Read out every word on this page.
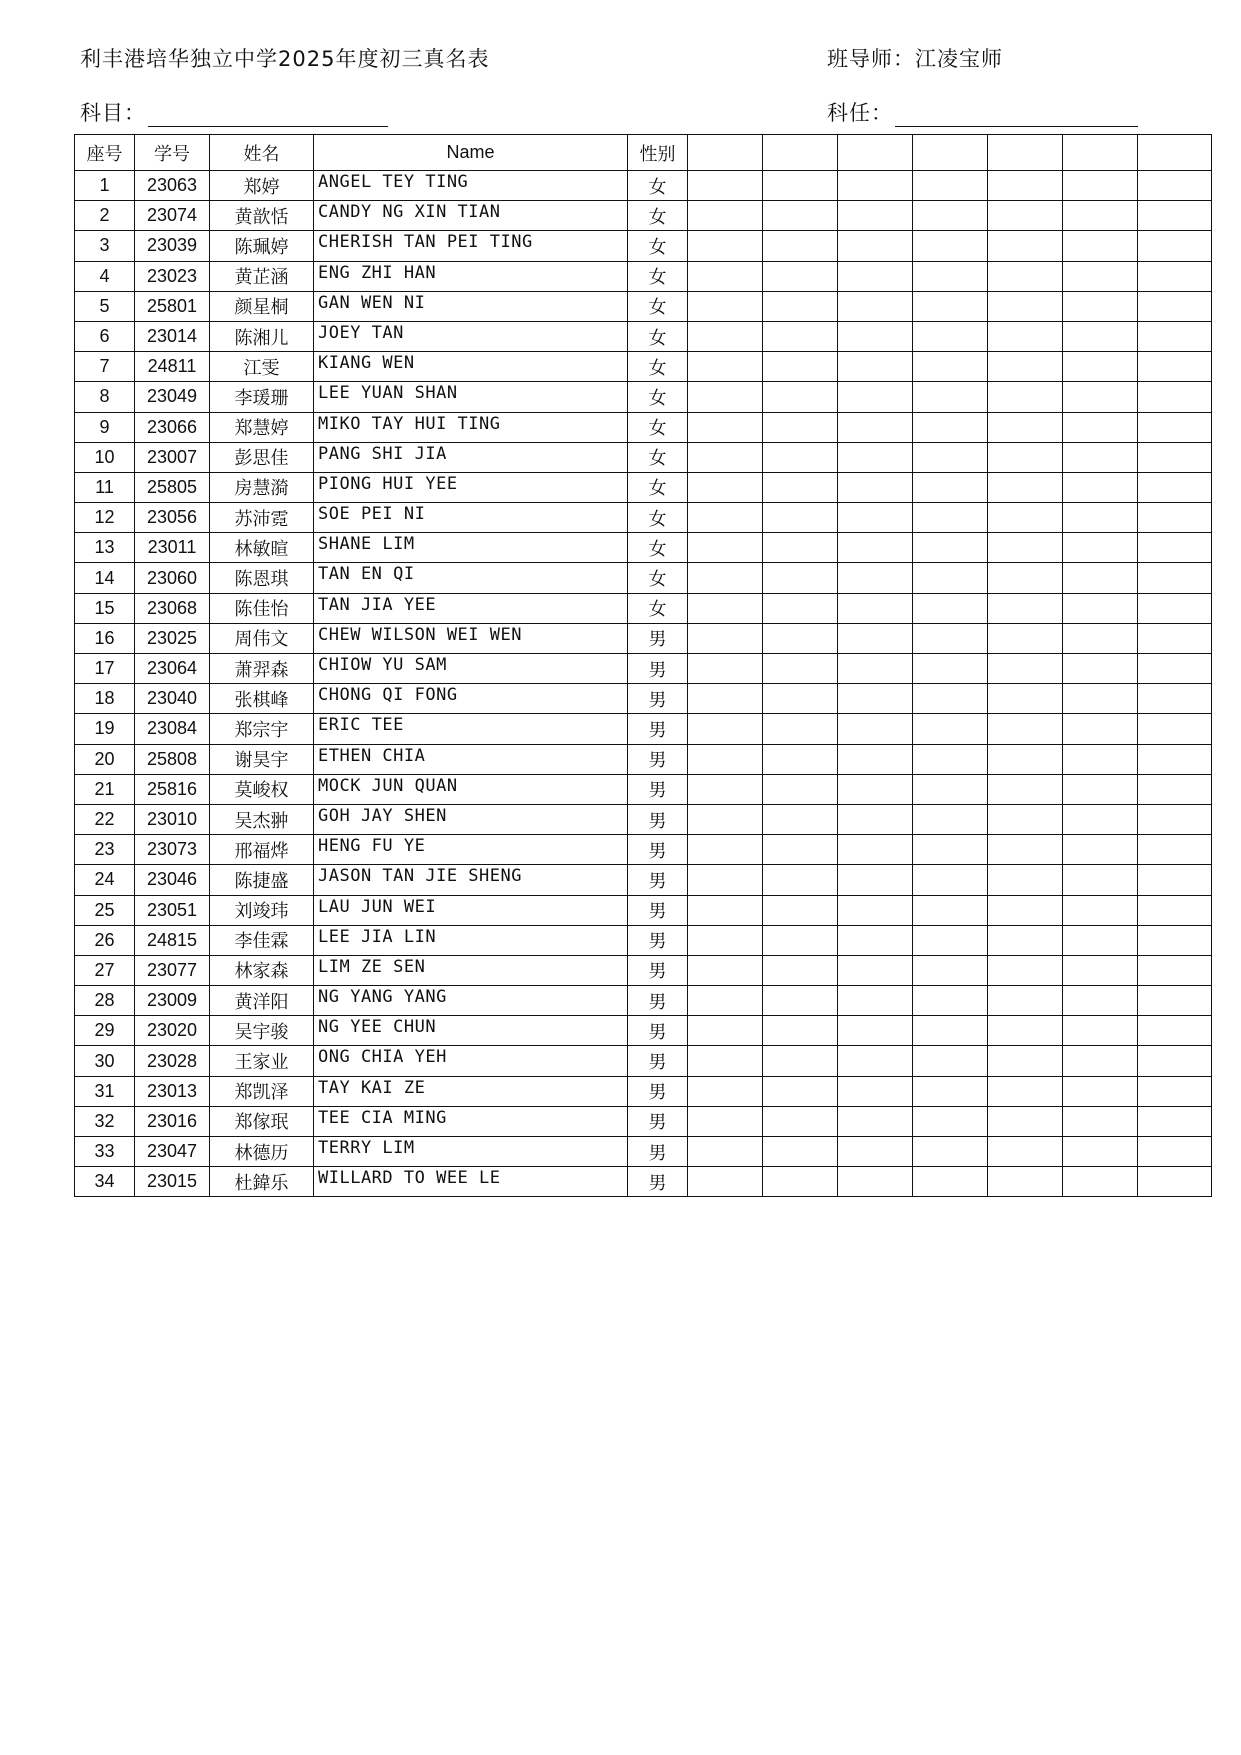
利丰港培华独立中学2025年度初三真名表	班导师：江凌宝师
科目：	科任：
座号	学号	姓名	Name	性别							
1	23063	郑婷	ANGEL TEY TING	女							
2	23074	黄歆恬	CANDY NG XIN TIAN	女							
3	23039	陈珮婷	CHERISH TAN PEI TING	女							
4	23023	黄芷涵	ENG ZHI HAN	女							
5	25801	颜星桐	GAN WEN NI	女							
6	23014	陈湘儿	JOEY TAN	女							
7	24811	江雯	KIANG WEN	女							
8	23049	李瑗珊	LEE YUAN SHAN	女							
9	23066	郑慧婷	MIKO TAY HUI TING	女							
10	23007	彭思佳	PANG SHI JIA	女							
11	25805	房慧漪	PIONG HUI YEE	女							
12	23056	苏沛霓	SOE PEI NI	女							
13	23011	林敏暄	SHANE LIM	女							
14	23060	陈恩琪	TAN EN QI	女							
15	23068	陈佳怡	TAN JIA YEE	女							
16	23025	周伟文	CHEW WILSON WEI WEN	男							
17	23064	萧羿森	CHIOW YU SAM	男							
18	23040	张棋峰	CHONG QI FONG	男							
19	23084	郑宗宇	ERIC TEE	男							
20	25808	谢昊宇	ETHEN CHIA	男							
21	25816	莫峻权	MOCK JUN QUAN	男							
22	23010	吴杰翀	GOH JAY SHEN	男							
23	23073	邢福烨	HENG FU YE	男							
24	23046	陈捷盛	JASON TAN JIE SHENG	男							
25	23051	刘竣玮	LAU JUN WEI	男							
26	24815	李佳霖	LEE JIA LIN	男							
27	23077	林家森	LIM ZE SEN	男							
28	23009	黄洋阳	NG YANG YANG	男							
29	23020	吴宇骏	NG YEE CHUN	男							
30	23028	王家业	ONG CHIA YEH	男							
31	23013	郑凯泽	TAY KAI ZE	男							
32	23016	郑傢珉	TEE CIA MING	男							
33	23047	林德历	TERRY LIM	男							
34	23015	杜鍏乐	WILLARD TO WEE LE	男							
